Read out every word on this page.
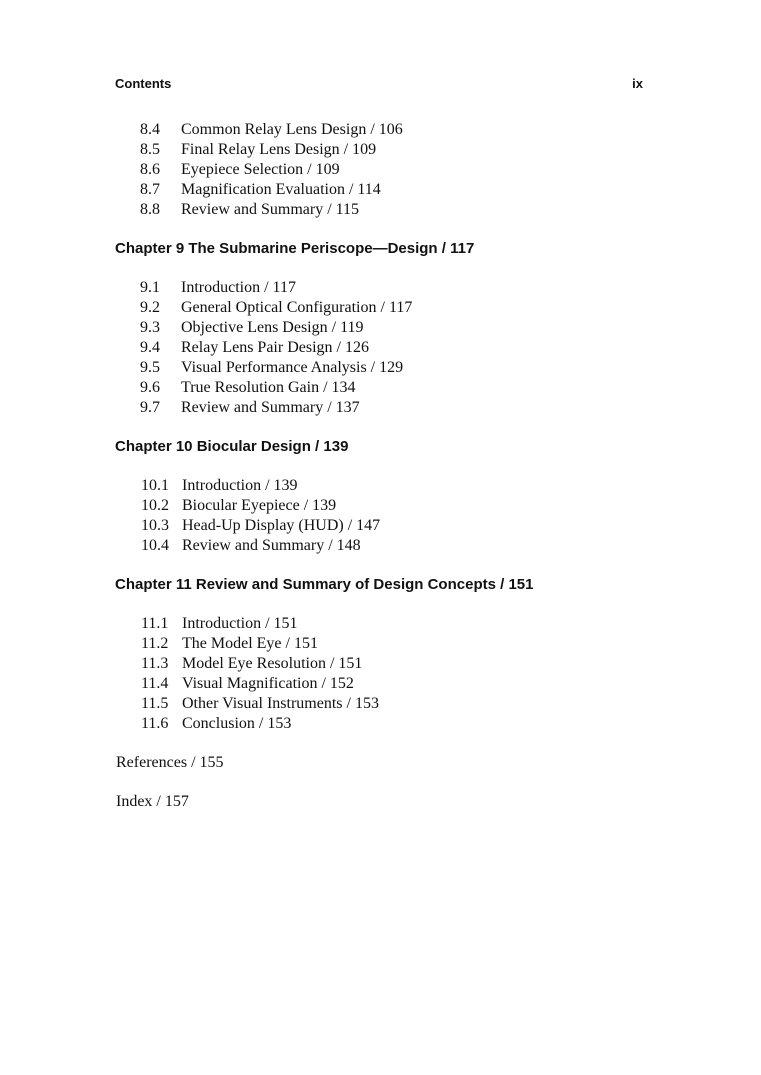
Contents	ix
8.4 Common Relay Lens Design / 106
8.5 Final Relay Lens Design / 109
8.6 Eyepiece Selection / 109
8.7 Magnification Evaluation / 114
8.8 Review and Summary / 115
Chapter 9 The Submarine Periscope—Design / 117
9.1 Introduction / 117
9.2 General Optical Configuration / 117
9.3 Objective Lens Design / 119
9.4 Relay Lens Pair Design / 126
9.5 Visual Performance Analysis / 129
9.6 True Resolution Gain / 134
9.7 Review and Summary / 137
Chapter 10 Biocular Design / 139
10.1 Introduction / 139
10.2 Biocular Eyepiece / 139
10.3 Head-Up Display (HUD) / 147
10.4 Review and Summary / 148
Chapter 11 Review and Summary of Design Concepts / 151
11.1 Introduction / 151
11.2 The Model Eye / 151
11.3 Model Eye Resolution / 151
11.4 Visual Magnification / 152
11.5 Other Visual Instruments / 153
11.6 Conclusion / 153
References / 155
Index / 157
